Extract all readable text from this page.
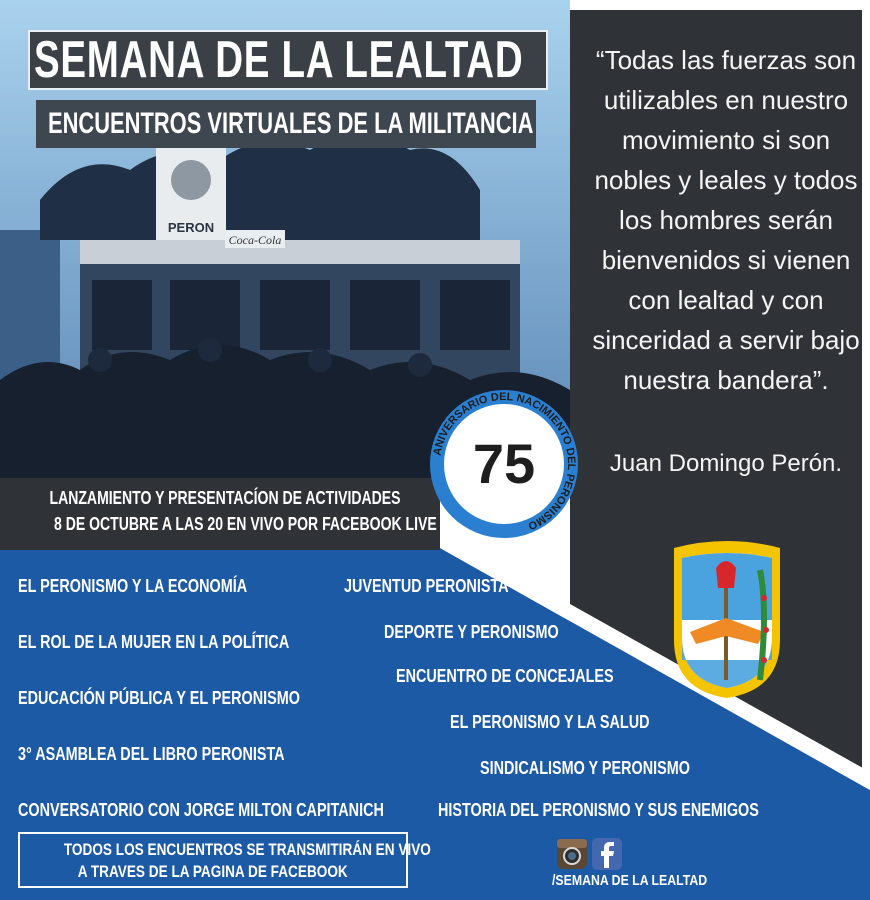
Coca-Cola
PERON
SEMANA DE LA LEALTAD
ENCUENTROS VIRTUALES DE LA MILITANCIA
LANZAMIENTO Y PRESENTACÍON DE ACTIVIDADES
8 DE OCTUBRE A LAS 20 EN VIVO POR FACEBOOK LIVE
ANIVERSARIO DEL NACIMIENTO DEL PERONISMO
75
“Todas las fuerzas son utilizables en nuestro movimiento si son nobles y leales y todos los hombres serán bienvenidos si vienen con lealtad y con sinceridad a servir bajo nuestra bandera”.
Juan Domingo Perón.
EL PERONISMO Y LA ECONOMÍA
EL ROL DE LA MUJER EN LA POLÍTICA
EDUCACIÓN PÚBLICA Y EL PERONISMO
3° ASAMBLEA DEL LIBRO PERONISTA
CONVERSATORIO CON JORGE MILTON CAPITANICH
JUVENTUD PERONISTA
DEPORTE Y PERONISMO
ENCUENTRO DE CONCEJALES
EL PERONISMO Y LA SALUD
SINDICALISMO Y PERONISMO
HISTORIA DEL PERONISMO Y SUS ENEMIGOS
TODOS LOS ENCUENTROS SE TRANSMITIRÁN EN VIVO
A TRAVES DE LA PAGINA DE FACEBOOK	/SEMANA DE LA LEALTAD
